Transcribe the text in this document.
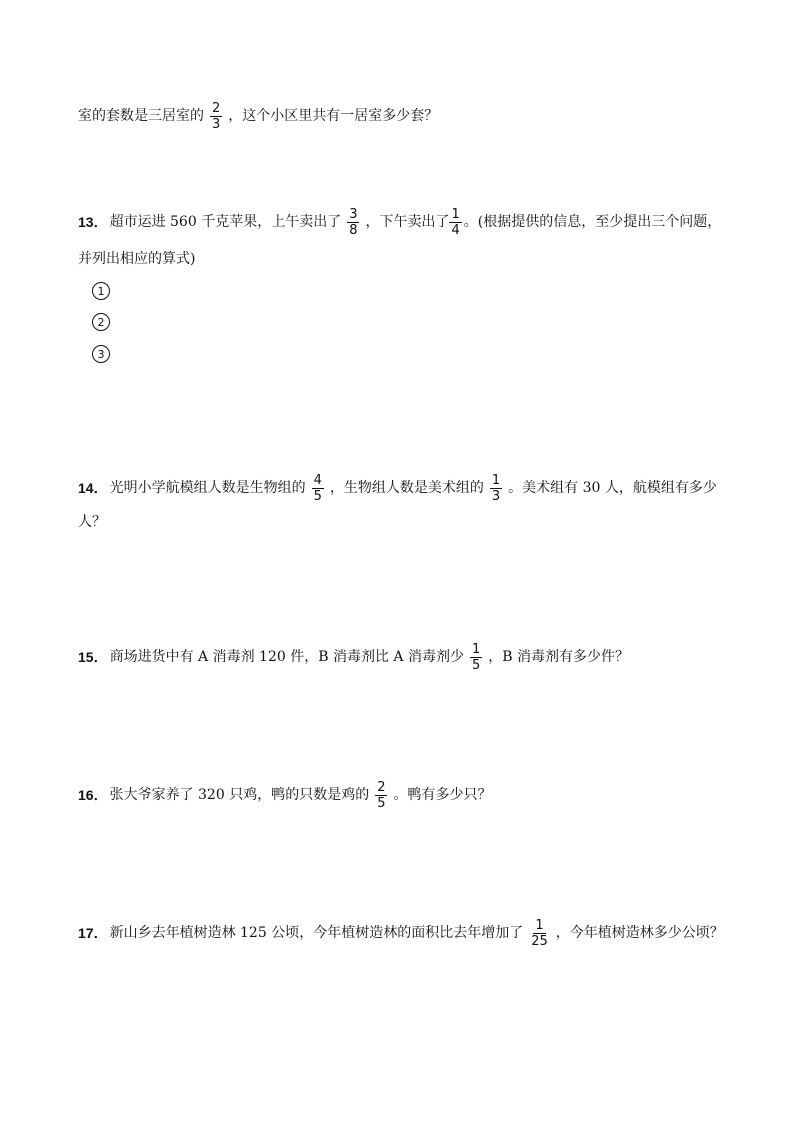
室的套数是三居室的 $\frac{2}{3}$ ，这个小区里共有一居室多少套？
13． 超市运进 560 千克苹果，上午卖出了 $\frac{3}{8}$ ，下午卖出了 $\frac{1}{4}$ 。(根据提供的信息，至少提出三个问题，
并列出相应的算式)
1
2
3
14． 光明小学航模组人数是生物组的 $\frac{4}{5}$ ，生物组人数是美术组的 $\frac{1}{3}$ 。美术组有 30 人，航模组有多少
人？
15． 商场进货中有 A 消毒剂 120 件，B 消毒剂比 A 消毒剂少 $\frac{1}{5}$ ，B 消毒剂有多少件？
16． 张大爷家养了 320 只鸡，鸭的只数是鸡的 $\frac{2}{5}$ 。鸭有多少只？
17． 新山乡去年植树造林 125 公顷，今年植树造林的面积比去年增加了 $\frac{1}{25}$ ，今年植树造林多少公顷？
